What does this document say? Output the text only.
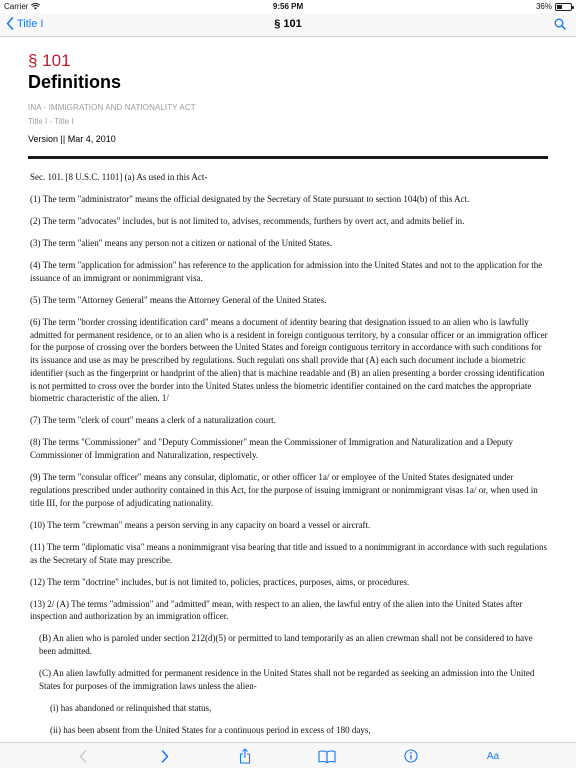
Carrier	9:56 PM	36%
Title I	§ 101
§ 101
Definitions
INA - IMMIGRATION AND NATIONALITY ACT
Title I - Title I
Version || Mar 4, 2010
Sec. 101. [8 U.S.C. 1101] (a) As used in this Act-
(1) The term "administrator" means the official designated by the Secretary of State pursuant to section 104(b) of this Act.
(2) The term "advocates" includes, but is not limited to, advises, recommends, furthers by overt act, and admits belief in.
(3) The term "alien" means any person not a citizen or national of the United States.
(4) The term "application for admission" has reference to the application for admission into the United States and not to the application for the issuance of an immigrant or nonimmigrant visa.
(5) The term "Attorney General" means the Attorney General of the United States.
(6) The term "border crossing identification card" means a document of identity bearing that designation issued to an alien who is lawfully admitted for permanent residence, or to an alien who is a resident in foreign contiguous territory, by a consular officer or an immigration officer for the purpose of crossing over the borders between the United States and foreign contiguous territory in accordance with such conditions for its issuance and use as may be prescribed by regulations. Such regulati ons shall provide that (A) each such document include a biometric identifier (such as the fingerprint or handprint of the alien) that is machine readable and (B) an alien presenting a border crossing identification is not permitted to cross over the border into the United States unless the biometric identifier contained on the card matches the appropriate biometric characteristic of the alien. 1/
(7) The term "clerk of court" means a clerk of a naturalization court.
(8) The terms "Commissioner" and "Deputy Commissioner" mean the Commissioner of Immigration and Naturalization and a Deputy Commissioner of Immigration and Naturalization, respectively.
(9) The term "consular officer" means any consular, diplomatic, or other officer 1a/ or employee of the United States designated under regulations prescribed under authority contained in this Act, for the purpose of issuing immigrant or nonimmigrant visas 1a/ or, when used in title III, for the purpose of adjudicating nationality.
(10) The term "crewman" means a person serving in any capacity on board a vessel or aircraft.
(11) The term "diplomatic visa" means a nonimmigrant visa bearing that title and issued to a nonimmigrant in accordance with such regulations as the Secretary of State may prescribe.
(12) The term "doctrine" includes, but is not limited to, policies, practices, purposes, aims, or procedures.
(13) 2/ (A) The terms "admission" and "admitted" mean, with respect to an alien, the lawful entry of the alien into the United States after inspection and authorization by an immigration officer.
(B) An alien who is paroled under section 212(d)(5) or permitted to land temporarily as an alien crewman shall not be considered to have been admitted.
(C) An alien lawfully admitted for permanent residence in the United States shall not be regarded as seeking an admission into the United States for purposes of the immigration laws unless the alien-
(i) has abandoned or relinquished that status,
(ii) has been absent from the United States for a continuous period in excess of 180 days,
Aa
